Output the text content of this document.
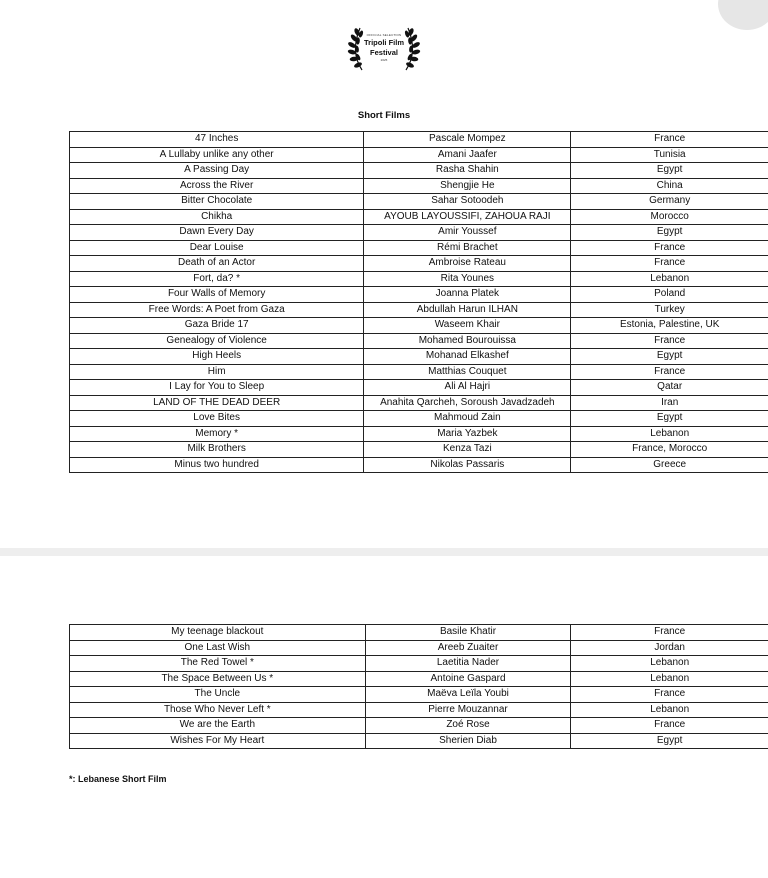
OFFICIAL SELECTION
Tripoli Film
Festival
2025
Short Films
47 Inches	Pascale Mompez	France
A Lullaby unlike any other	Amani Jaafer	Tunisia
A Passing Day	Rasha Shahin	Egypt
Across the River	Shengjie He	China
Bitter Chocolate	Sahar Sotoodeh	Germany
Chikha	AYOUB LAYOUSSIFI, ZAHOUA RAJI	Morocco
Dawn Every Day	Amir Youssef	Egypt
Dear Louise	Rémi Brachet	France
Death of an Actor	Ambroise Rateau	France
Fort, da? *	Rita Younes	Lebanon
Four Walls of Memory	Joanna Platek	Poland
Free Words: A Poet from Gaza	Abdullah Harun ILHAN	Turkey
Gaza Bride 17	Waseem Khair	Estonia, Palestine, UK
Genealogy of Violence	Mohamed Bourouissa	France
High Heels	Mohanad Elkashef	Egypt
Him	Matthias Couquet	France
I Lay for You to Sleep	Ali Al Hajri	Qatar
LAND OF THE DEAD DEER	Anahita Qarcheh, Soroush Javadzadeh	Iran
Love Bites	Mahmoud Zain	Egypt
Memory *	Maria Yazbek	Lebanon
Milk Brothers	Kenza Tazi	France, Morocco
Minus two hundred	Nikolas Passaris	Greece
My teenage blackout	Basile Khatir	France
One Last Wish	Areeb Zuaiter	Jordan
The Red Towel *	Laetitia Nader	Lebanon
The Space Between Us *	Antoine Gaspard	Lebanon
The Uncle	Maëva Leïla Youbi	France
Those Who Never Left *	Pierre Mouzannar	Lebanon
We are the Earth	Zoé Rose	France
Wishes For My Heart	Sherien Diab	Egypt
*: Lebanese Short Film
